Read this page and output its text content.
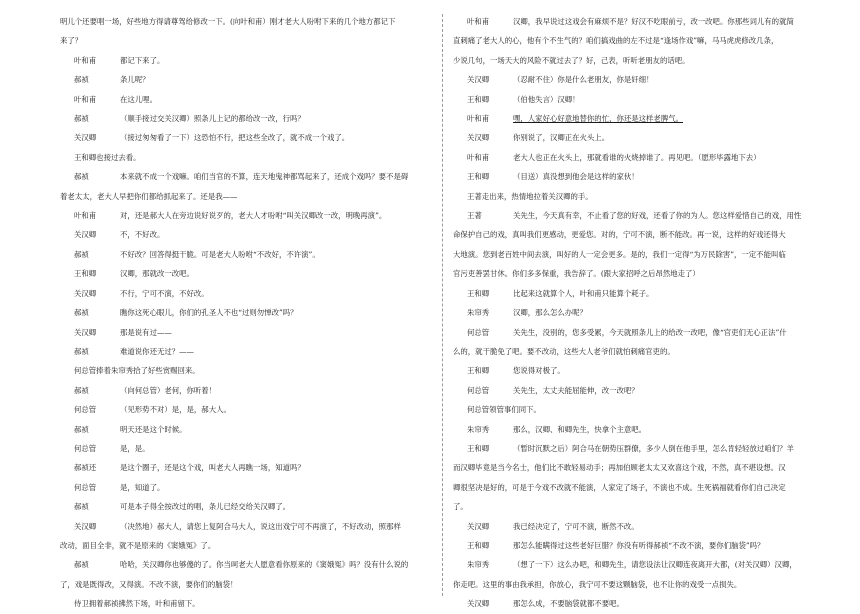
明儿个还要唱一场，好些地方得请尊驾给修改一下。(向叶和甫）刚才老大人吩咐下来的几个地方都记下
来了？
叶和甫	都记下来了。
郝祯	条儿呢？
叶和甫	在这儿哩。
郝祯	（顺手接过交关汉卿）照条儿上记的都给改一改，行吗？
关汉卿	（接过匆匆看了一下）这恐怕不行，把这些全改了，就不成一个戏了。
王和卿也接过去看。
郝祯	本来就不成一个戏嘛。咱们当官的不算，连天地鬼神都骂起来了，还成个戏吗？要不是碍
着老太太，老大人早把你们都给抓起来了。还是我——
叶和甫	对，还是郝大人在旁边说好说歹的，老大人才吩咐“叫关汉卿改一改，明晚再演”。
关汉卿	不，不好改。
郝祯	不好改？回答得挺干脆。可是老大人吩咐“不改好，不许演”。
王和卿	汉卿，那就改一改吧。
关汉卿	不行，宁可不演，不好改。
郝祯	瞧你这死心眼儿，你们的孔圣人不也“过则勿惮改”吗？
关汉卿	那是说有过——
郝祯	难道说你还无过？——
何总管捧着朱帘秀拾了好些赏赐回来。
郝祯	（向何总管）老何，你听着！
何总管	（见形势不对）是，是，郝大人。
郝祯	明天还是这个时候。
何总管	是，是。
郝祯还	是这个圈子，还是这个戏，叫老大人再瞧一场，知道吗？
何总管	是，知道了。
郝祯	可是本子得全按改过的唱，条儿已经交给关汉卿了。
关汉卿	（决然地）郝大人，请您上复阿合马大人，说这出戏宁可不再演了，不好改动，照那样
改动，面目全非，就不是原来的《窦娥冤》了。
郝祯	哈哈，关汉卿你也够傻的了。你当呵老大人愿意看你原来的《窦娥冤》吗？没有什么说的
了，戏是既得改，又得演。不改不演，要你们的脑袋！
侍卫拥着郝祯拂然下场，叶和甫留下。
叶和甫	汉卿，我早说过这戏会有麻烦不是？好汉不吃眼前亏，改一改吧。你那些词儿有的就简
直刺痛了老大人的心，他有个不生气的？咱们搞戏曲的左不过是“逢场作戏”嘛，马马虎虎修改几条，
少说几句，一场天大的风险不就过去了？好，己表，听听老朋友的话吧。
关汉卿	（忍耐不住）你是什么老朋友，你是奸细！
王和卿	（伯他失言）汉卿！
叶和甫	嘿，人家好心好意地替你的忙，你还是这样老脾气。
关汉卿	你别说了，汉卿正在火头上。
叶和甫	老大人也正在火头上，那就看谁的火烧掉谁了。再见吧。（愿形毕露地下去）
王和卿	（目送）真没想到他会是这样的家伙！
王著走出来，热情地拉着关汉卿的手。
王著	关先生，今天真有幸，不止看了您的好戏，还看了你的为人。您这样爱惜自己的戏，用性
命保护自己的戏，真叫我们更感动，更爱您。对的，宁可不演，断不能改。再一说，这样的好戏还得大
大地演。您到老百姓中间去演，叫好的人一定会更多。是的，我们一定得“为万民除害”，一定不能叫临
官污吏善罢甘休。你们多多保重，我告辞了。(跟大家招呼之后昂然地走了）
王和卿	比起来这就算个人，叶和甫只能算个耗子。
朱帘秀	汉卿，那么怎么办呢？
何总管	关先生，没别的，您多受累，今天就照条儿上的给改一改吧，像“官吏们无心正法”什
么的，就干脆免了吧。要不改动，这些大人老爷们就怕刺痛官吏的。
王和卿	您说得对极了。
何总管	关先生，太丈夫能屈能伸，改一改吧？
何总管领管事们同下。
朱帘秀	那么，汉卿、和卿先生，快拿个主意吧。
王和卿	（暂时沉默之后）阿合马在朝势压群僚，多少人倒在他手里，怎么肯轻轻放过咱们？羊
而汉卿毕竟是当今名士，他们比不敢轻易动手；再加伯顾老太太又欢喜这个戏，不然，真不堪设想。汉
卿很坚决是好的，可是于今戏不改就不能演，人家定了场子，不演也不成。生死祸福就看你们自己决定
了。
关汉卿	我已经决定了，宁可不演，断然不改。
王和卿	那怎么能瞒得过这些老好巨腊？你没有听得郝祯“不改不演，要你们脑袋”吗？
朱帘秀	（想了一下）这么办吧，和卿先生，请您设法让汉卿连夜离开大都，(对关汉卿）汉卿，
你走吧。这里的事由我承担，你放心，我宁可不要这颗脑袋，也不让你的戏受一点损失。
关汉卿	那怎么成，不要脑袋就都不要吧。
